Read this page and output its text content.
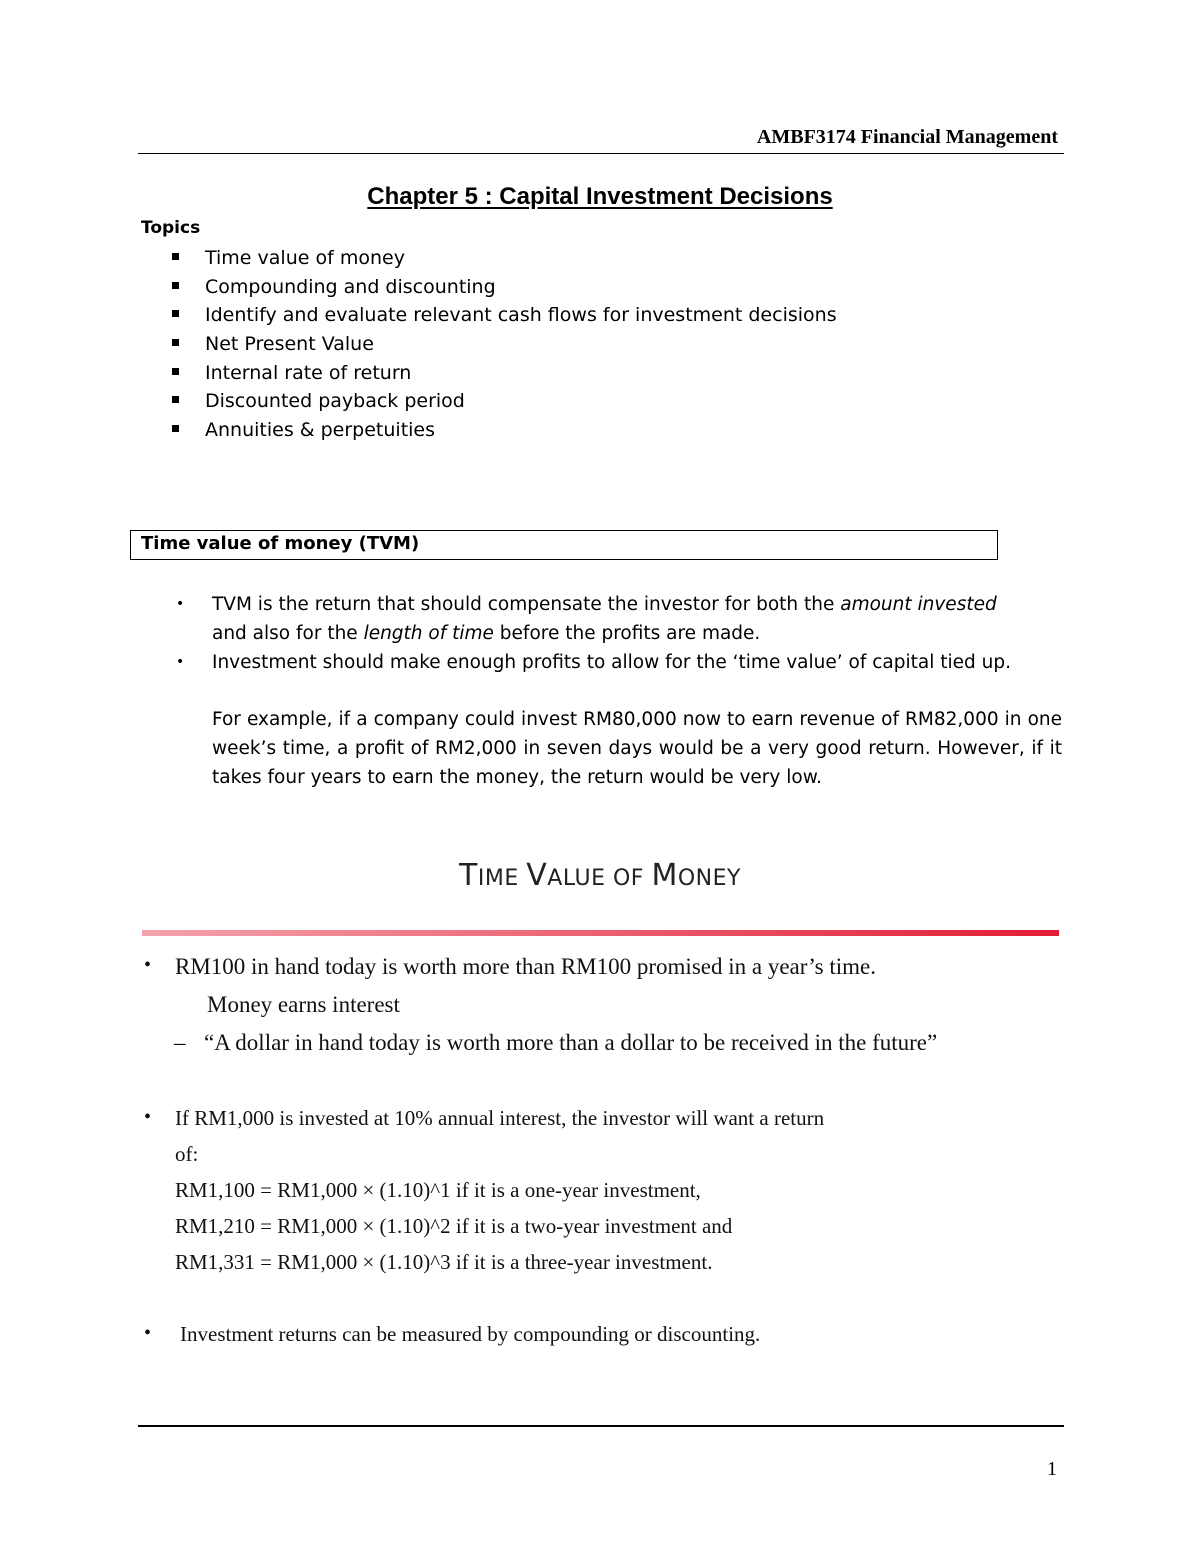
AMBF3174 Financial Management
Chapter 5 : Capital Investment Decisions
Topics
Time value of money
Compounding and discounting
Identify and evaluate relevant cash flows for investment decisions
Net Present Value
Internal rate of return
Discounted payback period
Annuities & perpetuities
Time value of money (TVM)
• TVM is the return that should compensate the investor for both the amount invested
and also for the length of time before the profits are made.
• Investment should make enough profits to allow for the ‘time value’ of capital tied up.
For example, if a company could invest RM80,000 now to earn revenue of RM82,000 in one week’s time, a profit of RM2,000 in seven days would be a very good return. However, if it takes four years to earn the money, the return would be very low.
TIME VALUE OF MONEY
• RM100 in hand today is worth more than RM100 promised in a year’s time.
Money earns interest
– “A dollar in hand today is worth more than a dollar to be received in the future”
• If RM1,000 is invested at 10% annual interest, the investor will want a return
of:
RM1,100 = RM1,000 × (1.10)^1 if it is a one-year investment,
RM1,210 = RM1,000 × (1.10)^2 if it is a two-year investment and
RM1,331 = RM1,000 × (1.10)^3 if it is a three-year investment.
• Investment returns can be measured by compounding or discounting.
1
